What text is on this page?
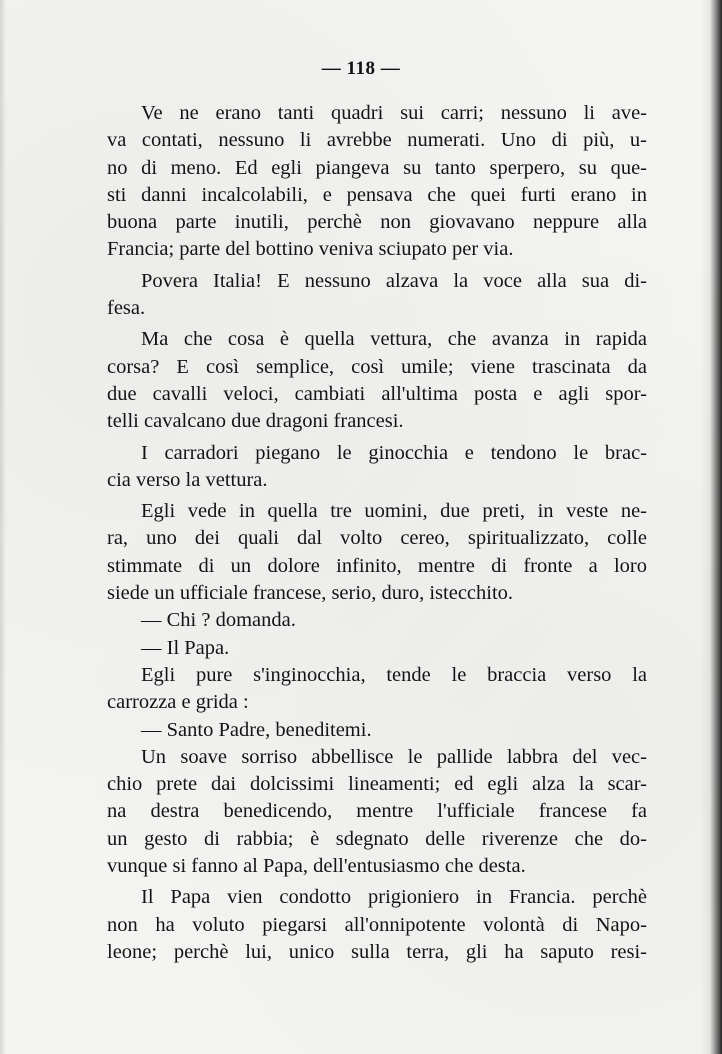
— 118 —
Ve ne erano tanti quadri sui carri; nessuno li ave-
va contati, nessuno li avrebbe numerati. Uno di più, u-
no di meno. Ed egli piangeva su tanto sperpero, su que-
sti danni incalcolabili, e pensava che quei furti erano in
buona parte inutili, perchè non giovavano neppure alla
Francia; parte del bottino veniva sciupato per via.
Povera Italia! E nessuno alzava la voce alla sua di-
fesa.
Ma che cosa è quella vettura, che avanza in rapida
corsa? E così semplice, così umile; viene trascinata da
due cavalli veloci, cambiati all'ultima posta e agli spor-
telli cavalcano due dragoni francesi.
I carradori piegano le ginocchia e tendono le brac-
cia verso la vettura.
Egli vede in quella tre uomini, due preti, in veste ne-
ra, uno dei quali dal volto cereo, spiritualizzato, colle
stimmate di un dolore infinito, mentre di fronte a loro
siede un ufficiale francese, serio, duro, istecchito.
— Chi ? domanda.
— Il Papa.
Egli pure s'inginocchia, tende le braccia verso la
carrozza e grida :
— Santo Padre, beneditemi.
Un soave sorriso abbellisce le pallide labbra del vec-
chio prete dai dolcissimi lineamenti; ed egli alza la scar-
na destra benedicendo, mentre l'ufficiale francese fa
un gesto di rabbia; è sdegnato delle riverenze che do-
vunque si fanno al Papa, dell'entusiasmo che desta.
Il Papa vien condotto prigioniero in Francia. perchè
non ha voluto piegarsi all'onnipotente volontà di Napo-
leone; perchè lui, unico sulla terra, gli ha saputo resi-
